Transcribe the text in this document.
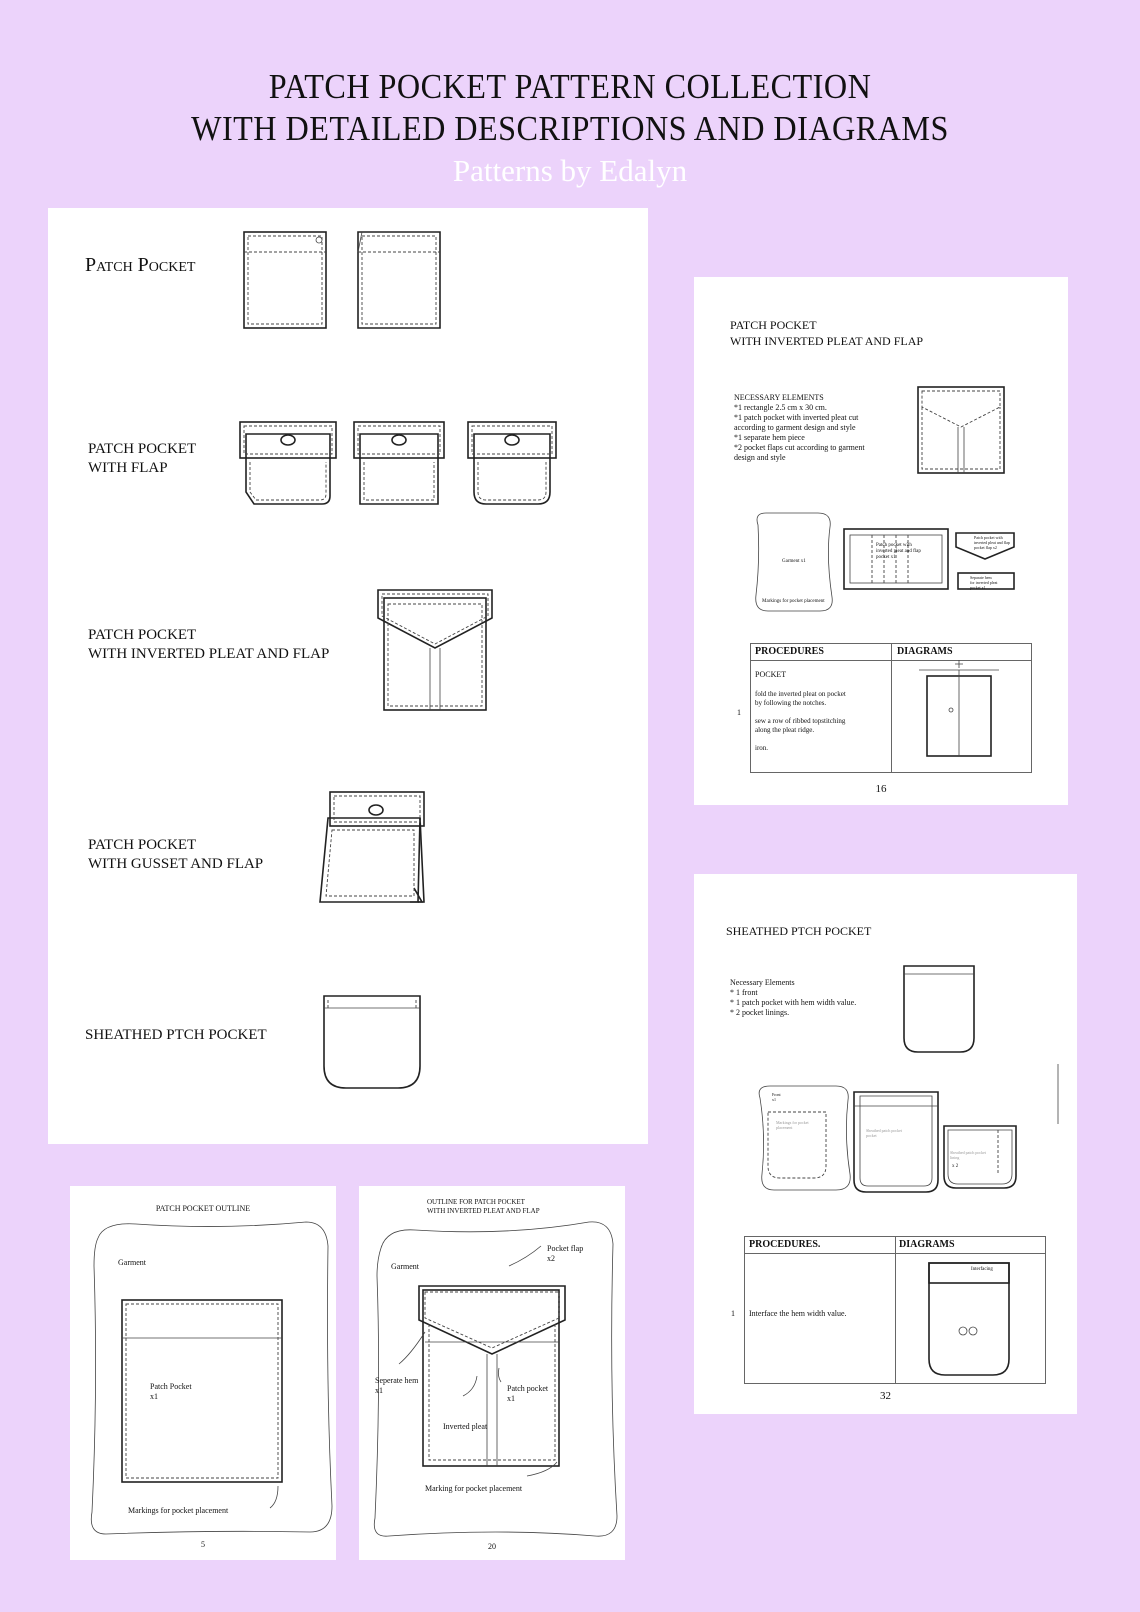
PATCH POCKET PATTERN COLLECTION
WITH DETAILED DESCRIPTIONS AND DIAGRAMS
Patterns by Edalyn
Patch Pocket
PATCH POCKET
WITH FLAP
PATCH POCKET
WITH INVERTED PLEAT AND FLAP
PATCH POCKET
WITH GUSSET AND FLAP
SHEATHED PTCH POCKET
PATCH POCKET
WITH INVERTED PLEAT AND FLAP
NECESSARY ELEMENTS
*1 rectangle 2.5 cm x 30 cm.
*1 patch pocket with inverted pleat cut
according to garment design and style
*1 separate hem piece
*2 pocket flaps cut according to garment
design and style
Garment x1
Markings for pocket placement
Patch pocket with
inverted pleat and flap
pocket x1
Patch pocket with
inverted pleat and flap
pocket flap x2
Separate hem
for inverted pleat
pocket x1
PROCEDURES	DIAGRAMS
1
POCKET
fold the inverted pleat on pocket
by following the notches.

sew a row of ribbed topstitching
along the pleat ridge.

iron.
16
SHEATHED PTCH POCKET
Necessary Elements
* 1 front
* 1 patch pocket with hem width value.
* 2 pocket linings.
Front
x1
Markings for pocket
placement
Sheathed patch pocket
pocket
Sheathed patch pocket
lining
x 2
PROCEDURES.	DIAGRAMS
1 Interface the hem width value.
Interfacing
32
PATCH POCKET OUTLINE
Garment
Patch Pocket
x1
Markings for pocket placement
5
OUTLINE FOR PATCH POCKET
WITH INVERTED PLEAT AND FLAP
Garment
Pocket flap
x2
Seperate hem
x1	Patch pocket
x1
Inverted pleat
Marking for pocket placement
20
